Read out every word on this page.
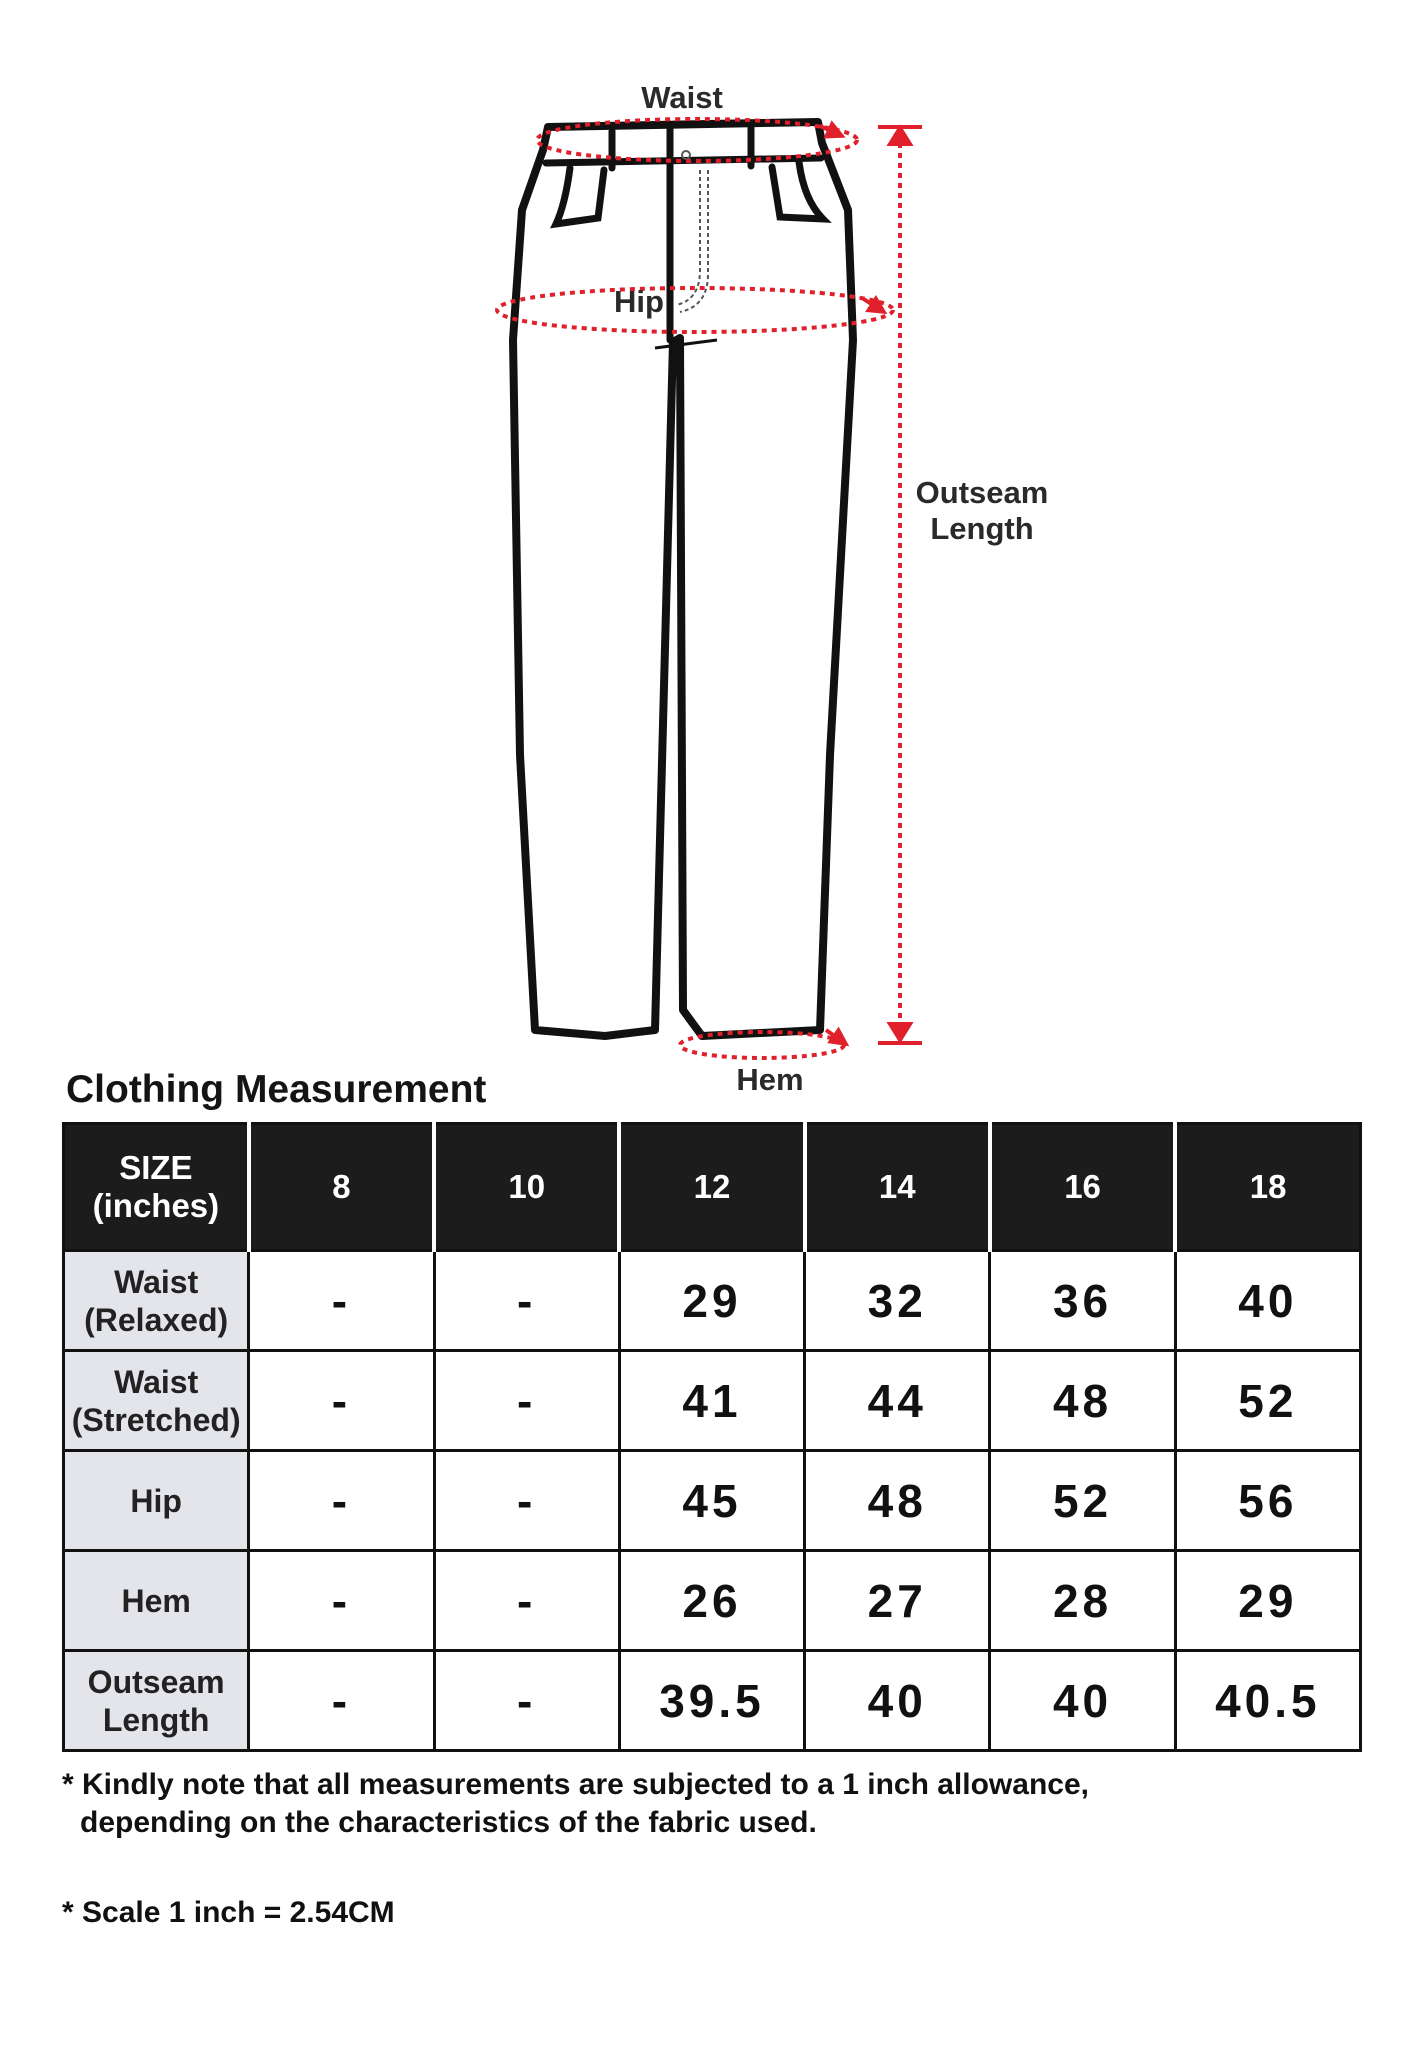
Waist
Hip
Outseam
Length
Hem
Clothing Measurement
SIZE
(inches)	8	10	12	14	16	18

Waist
(Relaxed)	-	-	29	32	36	40

Waist
(Stretched)	-	-	41	44	48	52

Hip	-	-	45	48	52	56

Hem	-	-	26	27	28	29

Outseam
Length	-	-	39.5	40	40	40.5
* Kindly note that all measurements are subjected to a 1 inch allowance,
depending on the characteristics of the fabric used.
* Scale 1 inch = 2.54CM
